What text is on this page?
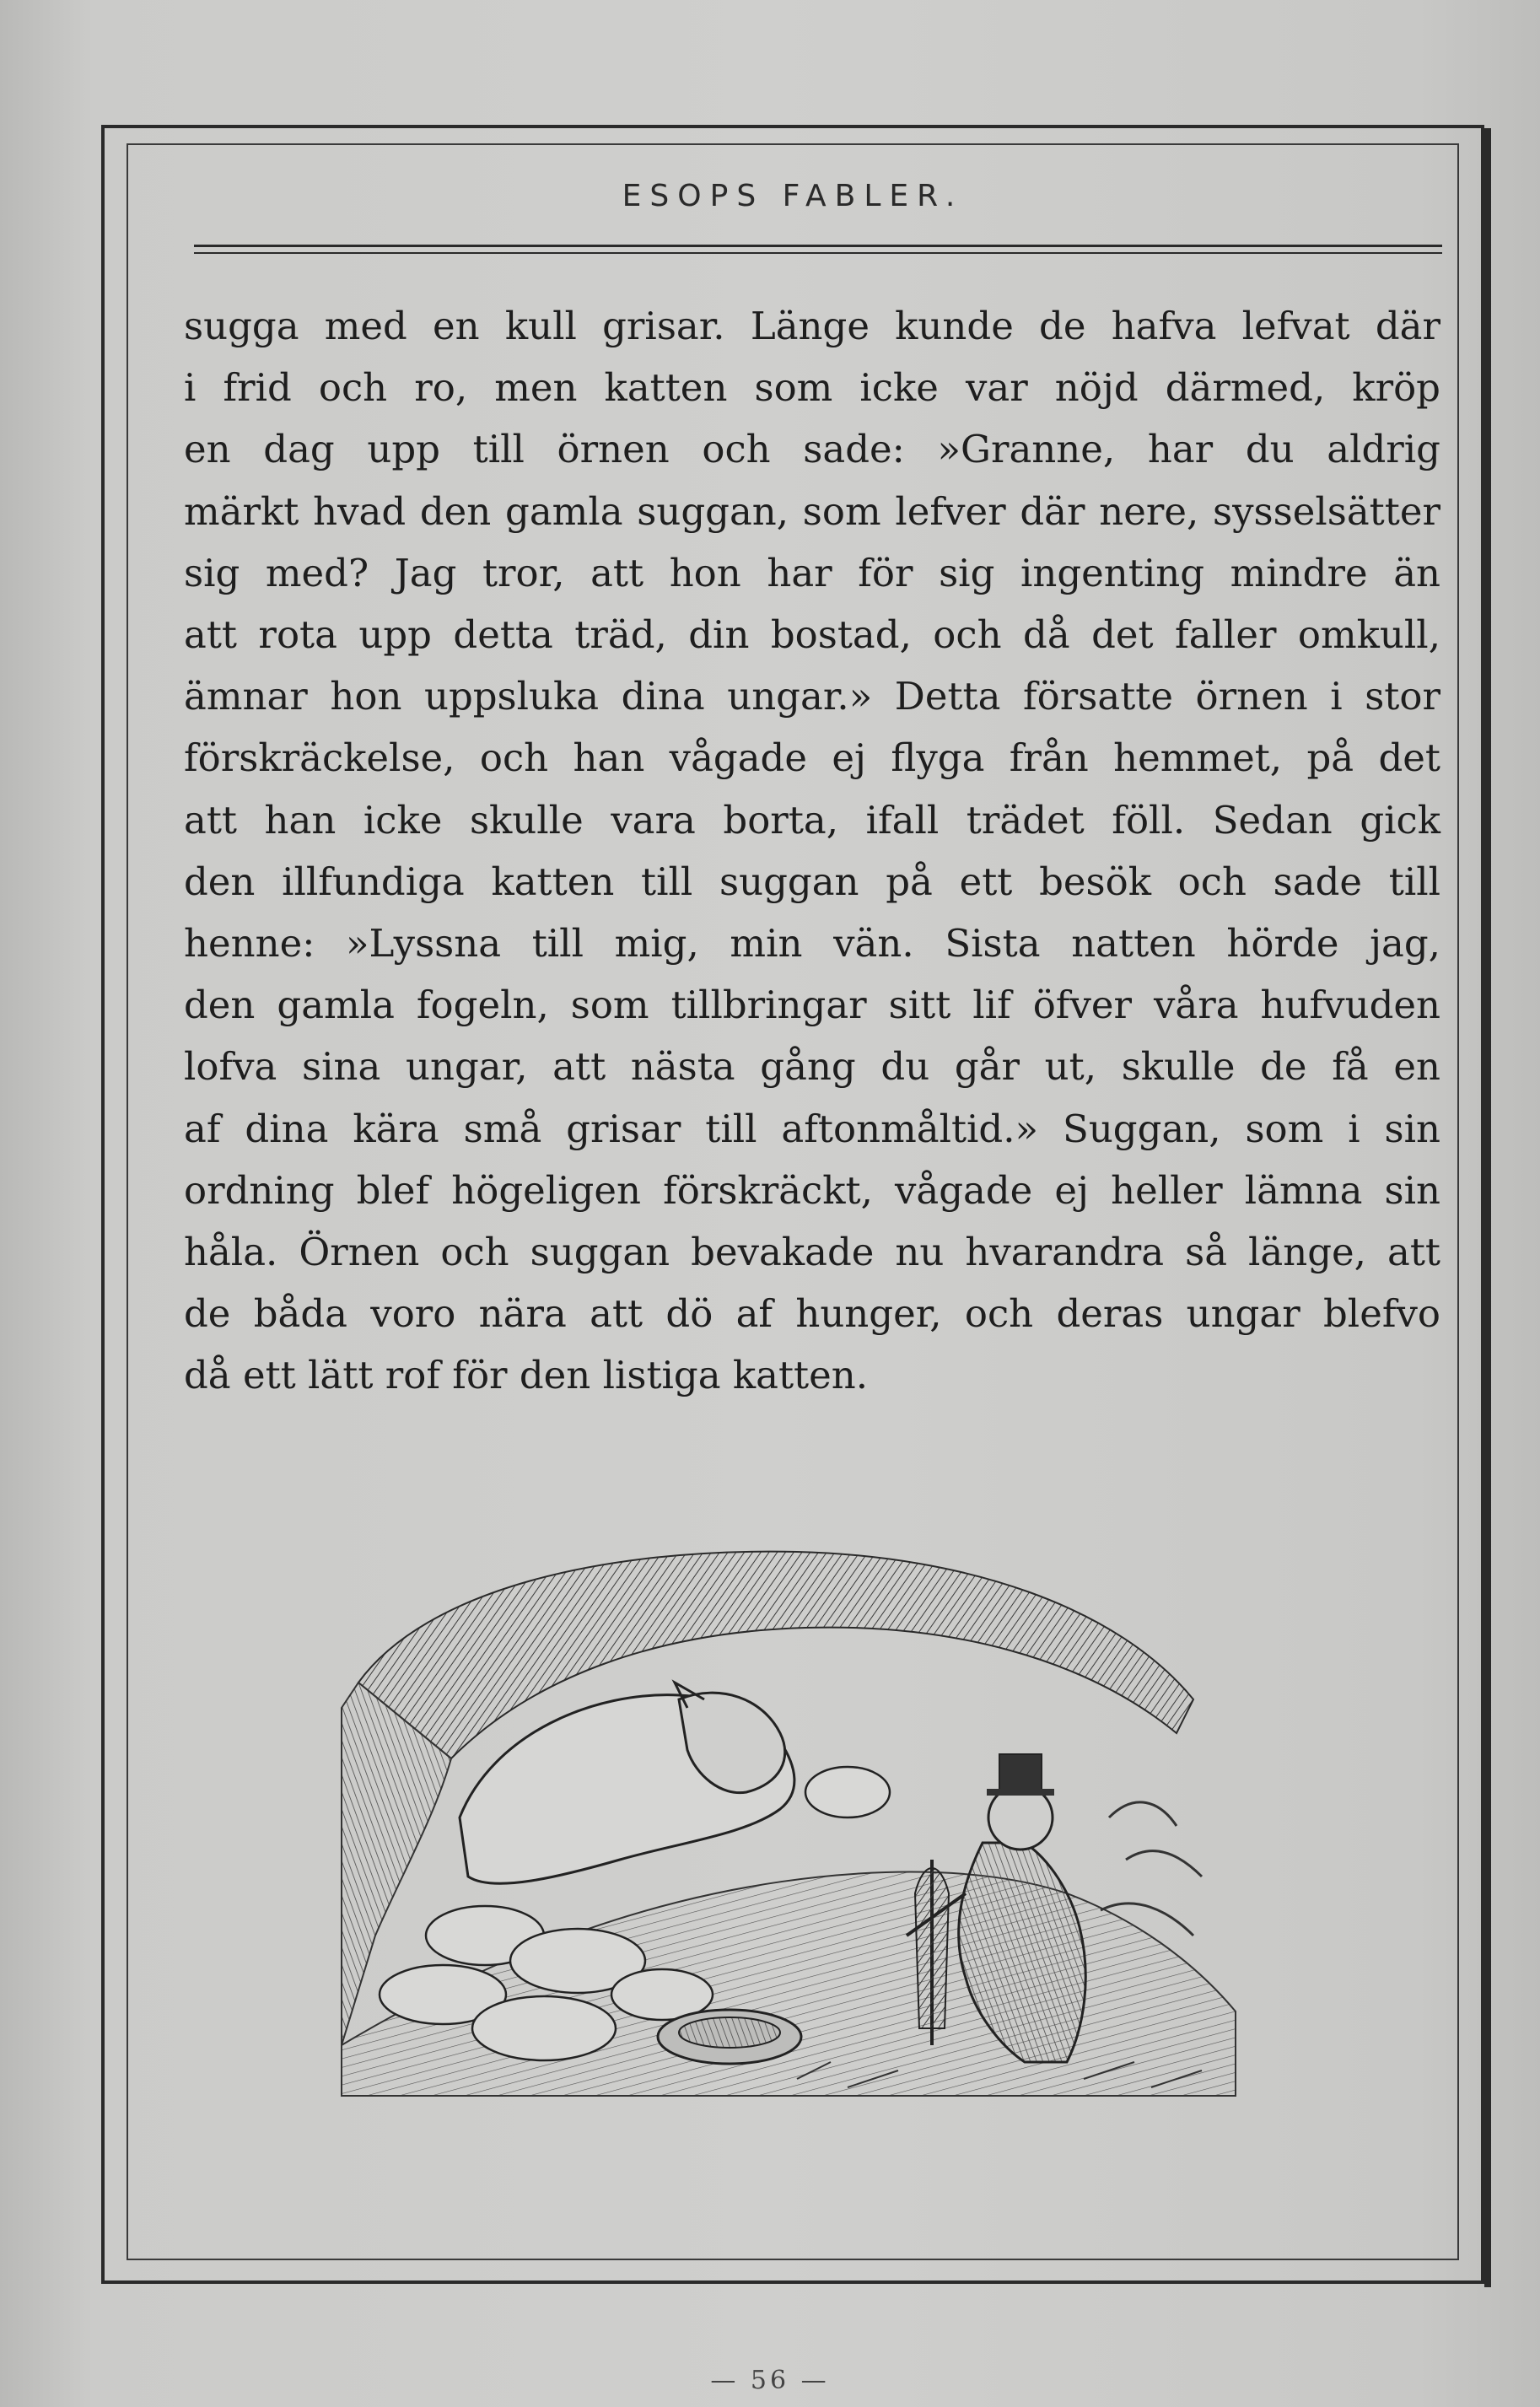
ESOPS FABLER.
sugga med en kull grisar. Länge kunde de hafva lefvat där
i frid och ro, men katten som icke var nöjd därmed, kröp
en dag upp till örnen och sade: »Granne, har du aldrig
märkt hvad den gamla suggan, som lefver där nere, sysselsätter
sig med? Jag tror, att hon har för sig ingenting mindre än
att rota upp detta träd, din bostad, och då det faller omkull,
ämnar hon uppsluka dina ungar.» Detta försatte örnen i stor
förskräckelse, och han vågade ej flyga från hemmet, på det
att han icke skulle vara borta, ifall trädet föll. Sedan gick
den illfundiga katten till suggan på ett besök och sade till
henne: »Lyssna till mig, min vän. Sista natten hörde jag,
den gamla fogeln, som tillbringar sitt lif öfver våra hufvuden
lofva sina ungar, att nästa gång du går ut, skulle de få en
af dina kära små grisar till aftonmåltid.» Suggan, som i sin
ordning blef högeligen förskräckt, vågade ej heller lämna sin
håla. Örnen och suggan bevakade nu hvarandra så länge, att
de båda voro nära att dö af hunger, och deras ungar blefvo
då ett lätt rof för den listiga katten.
— 56 —
